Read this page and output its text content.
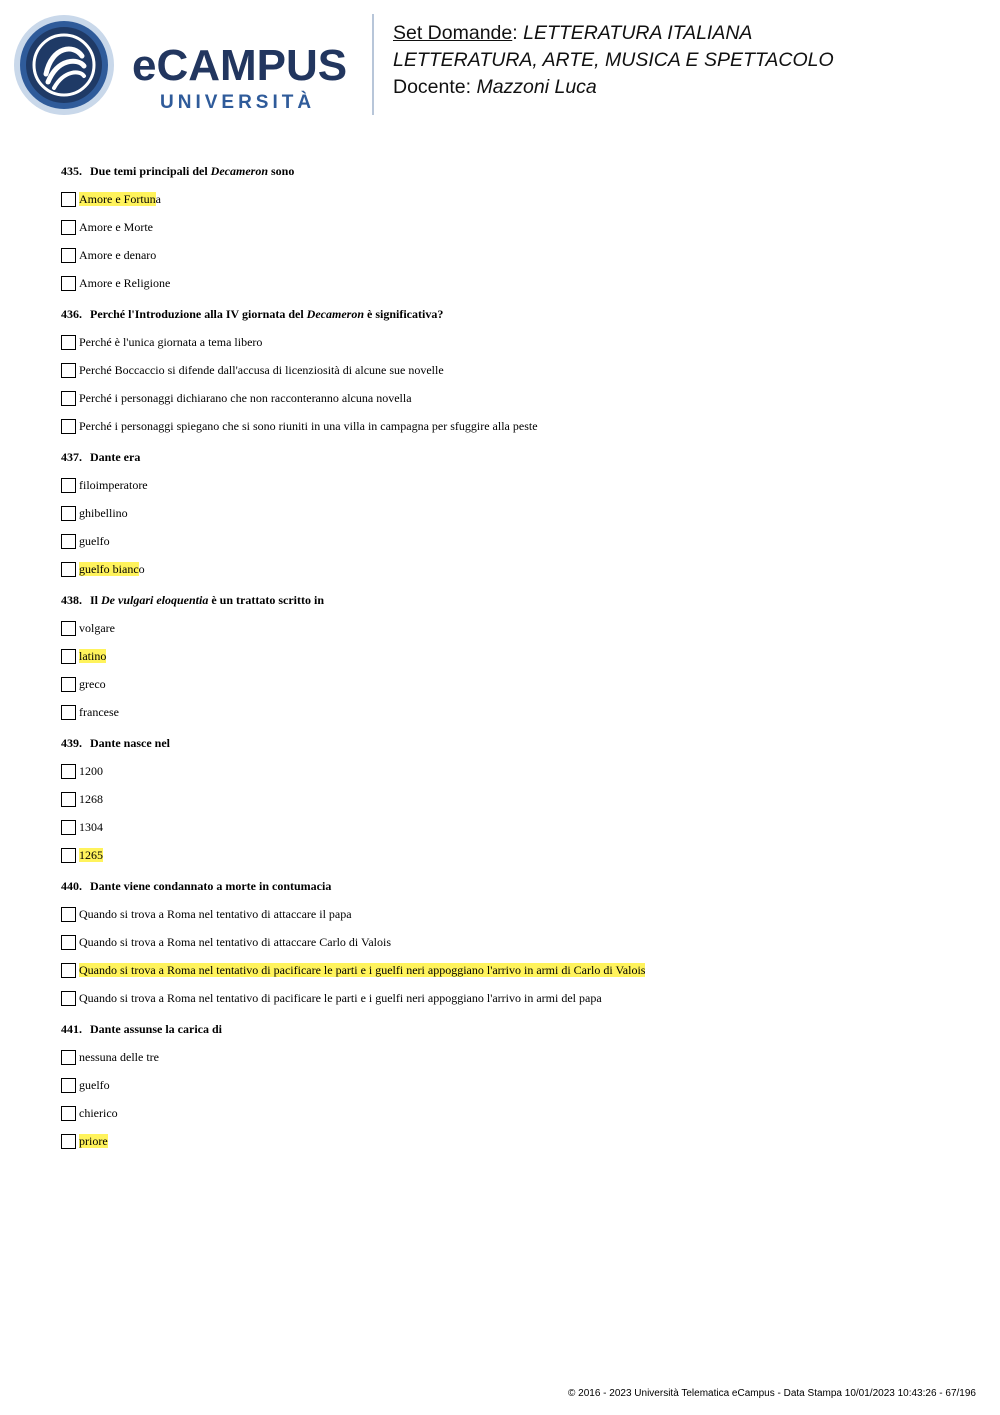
eCAMPUS
UNIVERSITÀ
Set Domande: LETTERATURA ITALIANA
LETTERATURA, ARTE, MUSICA E SPETTACOLO
Docente: Mazzoni Luca
435. Due temi principali del Decameron sono
Amore e Fortuna
Amore e Morte
Amore e denaro
Amore e Religione
436. Perché l'Introduzione alla IV giornata del Decameron è significativa?
Perché è l'unica giornata a tema libero
Perché Boccaccio si difende dall'accusa di licenziosità di alcune sue novelle
Perché i personaggi dichiarano che non racconteranno alcuna novella
Perché i personaggi spiegano che si sono riuniti in una villa in campagna per sfuggire alla peste
437. Dante era
filoimperatore
ghibellino
guelfo
guelfo bianco
438. Il De vulgari eloquentia è un trattato scritto in
volgare
latino
greco
francese
439. Dante nasce nel
1200
1268
1304
1265
440. Dante viene condannato a morte in contumacia
Quando si trova a Roma nel tentativo di attaccare il papa
Quando si trova a Roma nel tentativo di attaccare Carlo di Valois
Quando si trova a Roma nel tentativo di pacificare le parti e i guelfi neri appoggiano l'arrivo in armi di Carlo di Valois
Quando si trova a Roma nel tentativo di pacificare le parti e i guelfi neri appoggiano l'arrivo in armi del papa
441. Dante assunse la carica di
nessuna delle tre
guelfo
chierico
priore
© 2016 - 2023 Università Telematica eCampus - Data Stampa 10/01/2023 10:43:26 - 67/196
